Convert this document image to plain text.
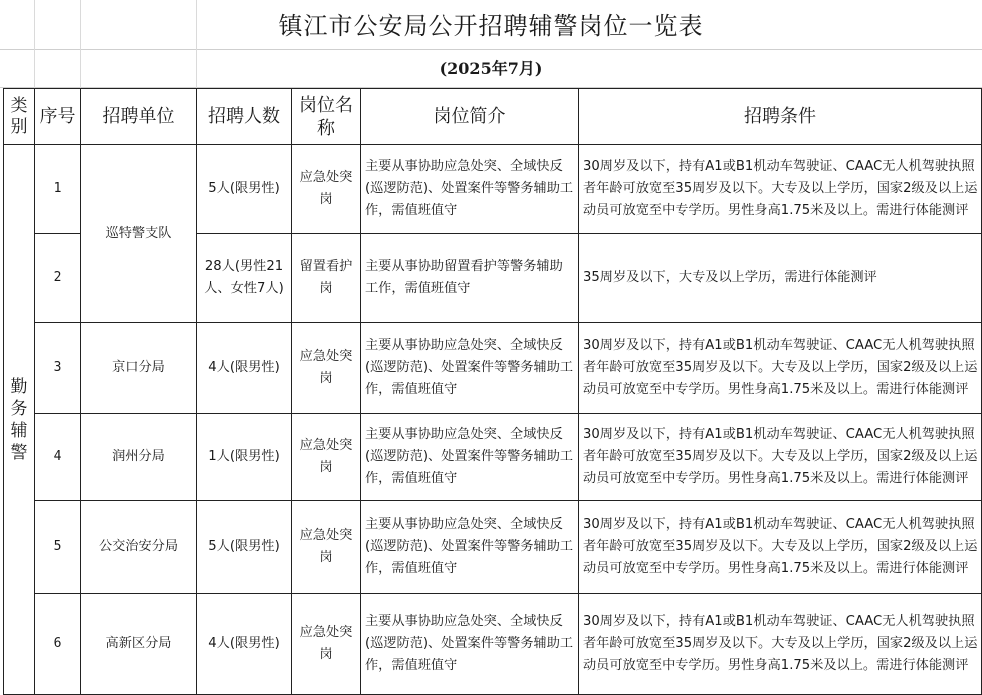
镇江市公安局公开招聘辅警岗位一览表
(2025年7月)
类别	序号	招聘单位	招聘人数	岗位名称	岗位简介	招聘条件

勤务辅警	1	巡特警支队	5人(限男性)	应急处突岗	主要从事协助应急处突、全域快反(巡逻防范)、处置案件等警务辅助工作，需值班值守	30周岁及以下，持有A1或B1机动车驾驶证、CAAC无人机驾驶执照者年龄可放宽至35周岁及以下。大专及以上学历，国家2级及以上运动员可放宽至中专学历。男性身高1.75米及以上。需进行体能测评
	2		28人(男性21人、女性7人)	留置看护岗	主要从事协助留置看护等警务辅助工作，需值班值守	35周岁及以下，大专及以上学历，需进行体能测评
	3	京口分局	4人(限男性)	应急处突岗	主要从事协助应急处突、全域快反(巡逻防范)、处置案件等警务辅助工作，需值班值守	30周岁及以下，持有A1或B1机动车驾驶证、CAAC无人机驾驶执照者年龄可放宽至35周岁及以下。大专及以上学历，国家2级及以上运动员可放宽至中专学历。男性身高1.75米及以上。需进行体能测评
	4	润州分局	1人(限男性)	应急处突岗	主要从事协助应急处突、全域快反(巡逻防范)、处置案件等警务辅助工作，需值班值守	30周岁及以下，持有A1或B1机动车驾驶证、CAAC无人机驾驶执照者年龄可放宽至35周岁及以下。大专及以上学历，国家2级及以上运动员可放宽至中专学历。男性身高1.75米及以上。需进行体能测评
	5	公交治安分局	5人(限男性)	应急处突岗	主要从事协助应急处突、全域快反(巡逻防范)、处置案件等警务辅助工作，需值班值守	30周岁及以下，持有A1或B1机动车驾驶证、CAAC无人机驾驶执照者年龄可放宽至35周岁及以下。大专及以上学历，国家2级及以上运动员可放宽至中专学历。男性身高1.75米及以上。需进行体能测评
	6	高新区分局	4人(限男性)	应急处突岗	主要从事协助应急处突、全域快反(巡逻防范)、处置案件等警务辅助工作，需值班值守	30周岁及以下，持有A1或B1机动车驾驶证、CAAC无人机驾驶执照者年龄可放宽至35周岁及以下。大专及以上学历，国家2级及以上运动员可放宽至中专学历。男性身高1.75米及以上。需进行体能测评
